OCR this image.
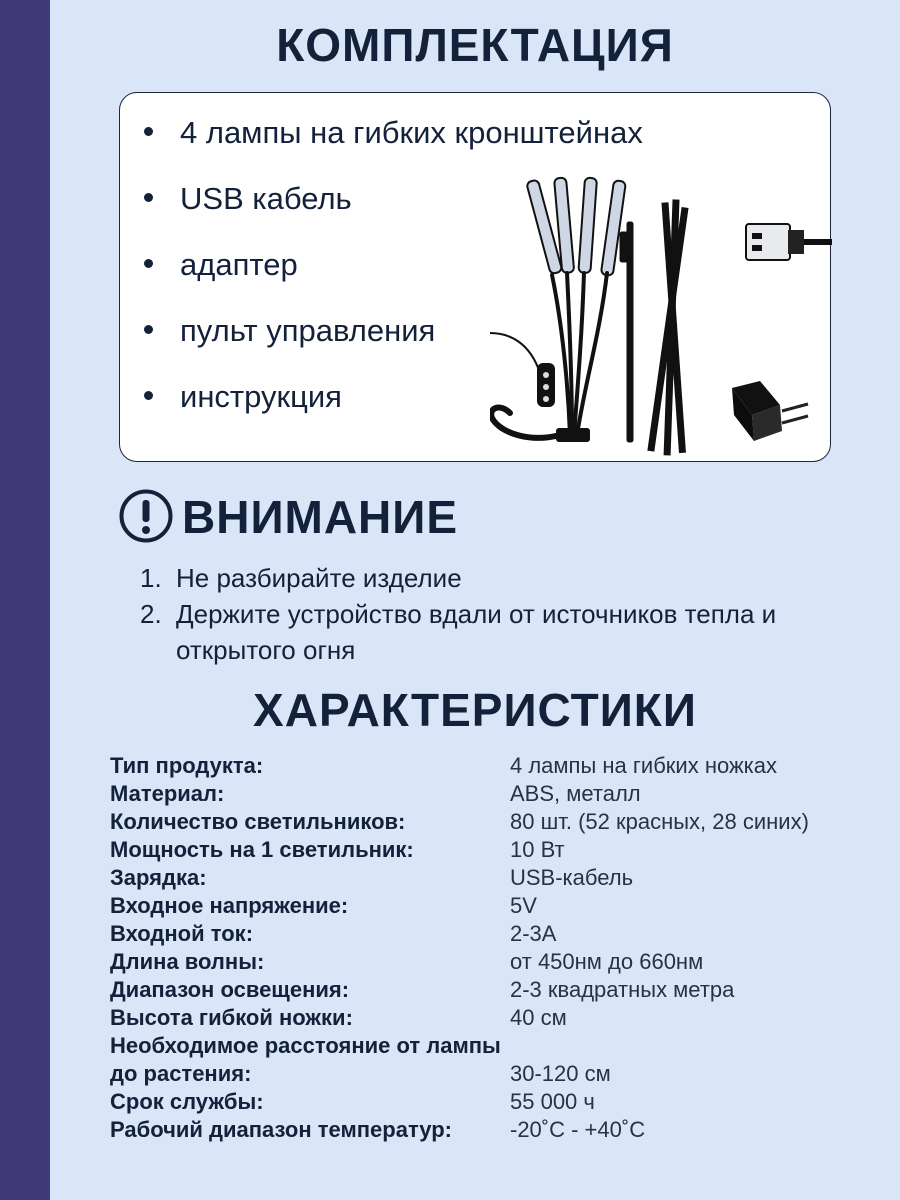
КОМПЛЕКТАЦИЯ
4 лампы на гибких кронштейнах
USB кабель
адаптер
пульт управления
инструкция
ВНИМАНИЕ
1. Не разбирайте изделие
2. Держите устройство вдали от источников тепла и открытого огня
ХАРАКТЕРИСТИКИ
Тип продукта:	4 лампы на гибких ножках
Материал:	ABS, металл
Количество светильников:	80 шт. (52 красных, 28 синих)
Мощность на 1 светильник:	10 Вт
Зарядка:	USB-кабель
Входное напряжение:	5V
Входной ток:	2-3А
Длина волны:	от 450нм до 660нм
Диапазон освещения:	2-3 квадратных метра
Высота гибкой ножки:	40 см
Необходимое расстояние от лампы до растения:	30-120 см
Срок службы:	55 000 ч
Рабочий диапазон температур:	-20˚С - +40˚С
